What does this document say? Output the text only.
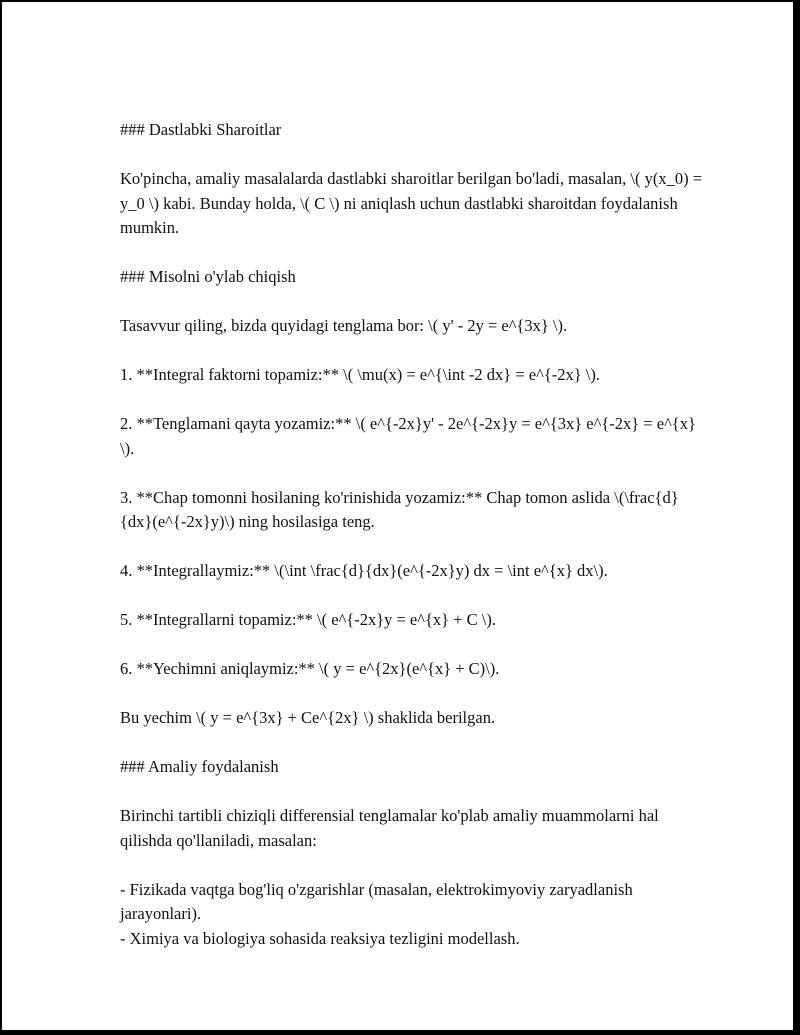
### Dastlabki Sharoitlar

Ko'pincha, amaliy masalalarda dastlabki sharoitlar berilgan bo'ladi, masalan, \( y(x_0) = y_0 \) kabi. Bunday holda, \( C \) ni aniqlash uchun dastlabki sharoitdan foydalanish mumkin.

### Misolni o'ylab chiqish

Tasavvur qiling, bizda quyidagi tenglama bor: \( y' - 2y = e^{3x} \).

1. **Integral faktorni topamiz:** \( \mu(x) = e^{\int -2 dx} = e^{-2x} \).

2. **Tenglamani qayta yozamiz:** \( e^{-2x}y' - 2e^{-2x}y = e^{3x} e^{-2x} = e^{x} \).

3. **Chap tomonni hosilaning ko'rinishida yozamiz:** Chap tomon aslida \(\frac{d}{dx}(e^{-2x}y)\) ning hosilasiga teng.

4. **Integrallaymiz:** \(\int \frac{d}{dx}(e^{-2x}y) dx = \int e^{x} dx\).

5. **Integrallarni topamiz:** \( e^{-2x}y = e^{x} + C \).

6. **Yechimni aniqlaymiz:** \( y = e^{2x}(e^{x} + C)\).

Bu yechim \( y = e^{3x} + Ce^{2x} \) shaklida berilgan.

### Amaliy foydalanish

Birinchi tartibli chiziqli differensial tenglamalar ko'plab amaliy muammolarni hal qilishda qo'llaniladi, masalan:

- Fizikada vaqtga bog'liq o'zgarishlar (masalan, elektrokimyoviy zaryadlanish jarayonlari).
- Ximiya va biologiya sohasida reaksiya tezligini modellash.
